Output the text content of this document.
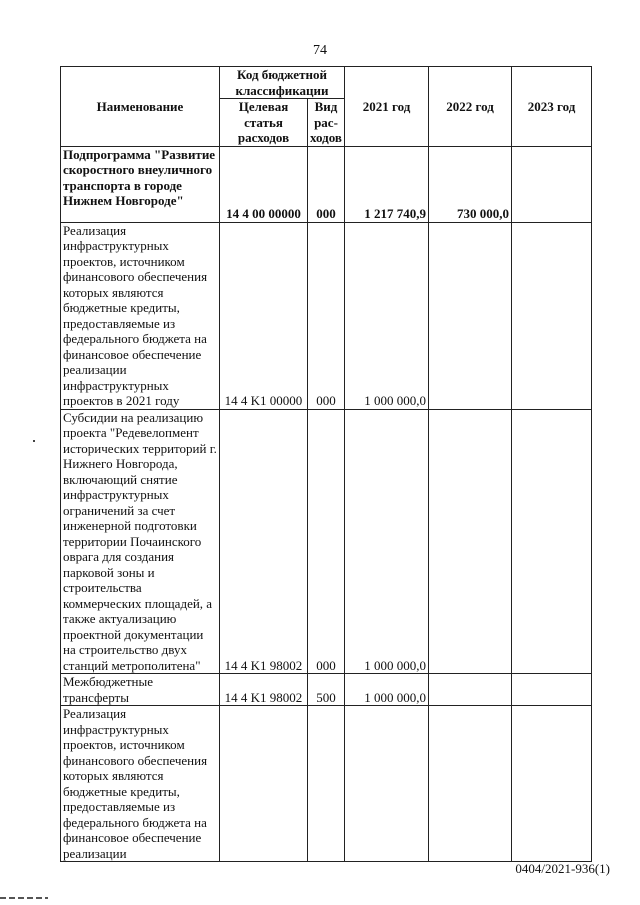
74
Наименование	Код бюджетной классификации		2021 год	2022 год	2023 год
	Целевая статья расходов	Вид рас- ходов			
Подпрограмма "Развитие скоростного внеуличного транспорта в городе Нижнем Новгороде"	14 4 00 00000	000	1 217 740,9	730 000,0	
Реализация инфраструктурных проектов, источником финансового обеспечения которых являются бюджетные кредиты, предоставляемые из федерального бюджета на финансовое обеспечение реализации инфраструктурных проектов в 2021 году	14 4 K1 00000	000	1 000 000,0		
Субсидии на реализацию проекта "Редевелопмент исторических территорий г. Нижнего Новгорода, включающий снятие инфраструктурных ограничений за счет инженерной подготовки территории Почаинского оврага для создания парковой зоны и строительства коммерческих площадей, а также актуализацию проектной документации на строительство двух станций метрополитена"	14 4 K1 98002	000	1 000 000,0		
Межбюджетные трансферты	14 4 K1 98002	500	1 000 000,0		
Реализация инфраструктурных проектов, источником финансового обеспечения которых являются бюджетные кредиты, предоставляемые из федерального бюджета на финансовое обеспечение реализации					
0404/2021-936(1)
